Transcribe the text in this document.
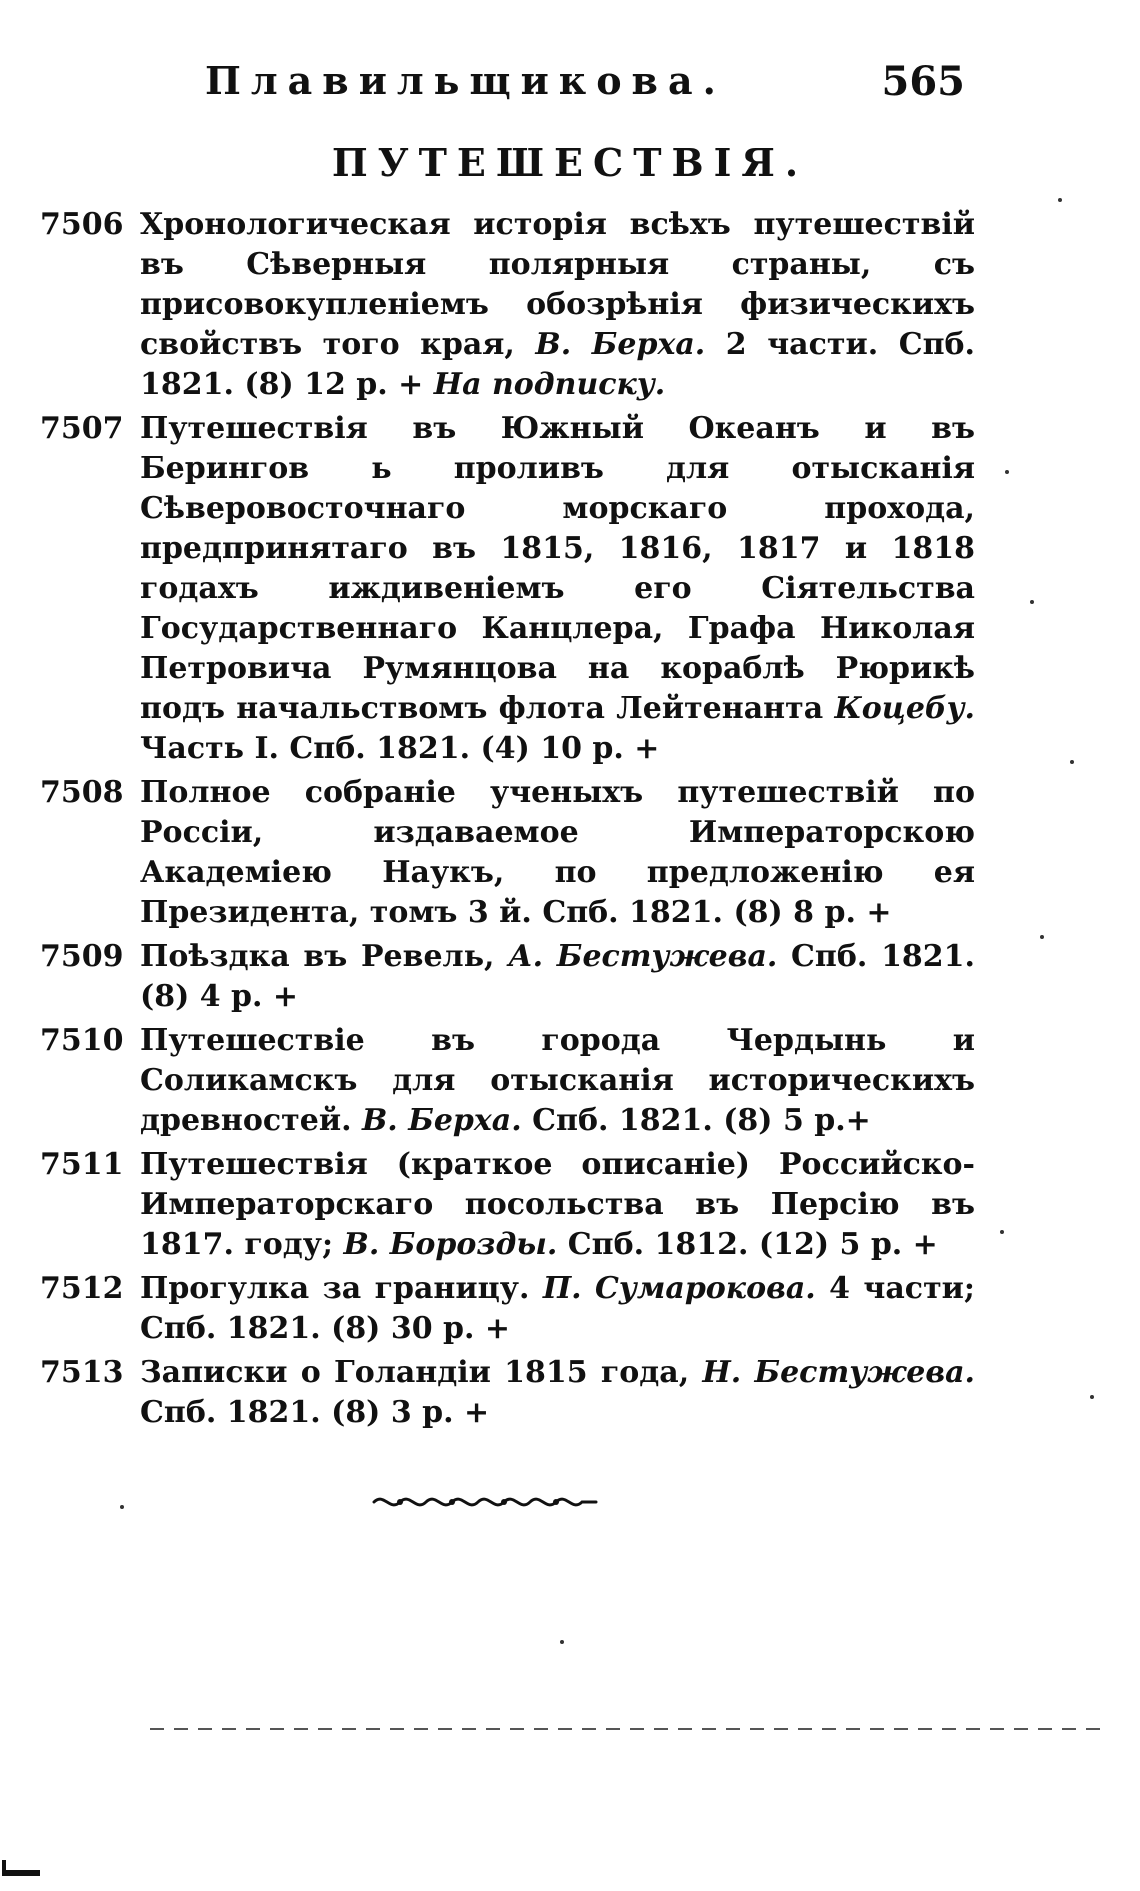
Плавильщикова.	565
ПУТЕШЕСТВІЯ.
7506 Хронологическая исторія всѣхъ путешествій въ Сѣверныя полярныя страны, съ присовокупленіемъ обозрѣнія физическихъ свойствъ того края, В. Берха. 2 части. Спб. 1821. (8) 12 р. + На подписку.
7507 Путешествія въ Южный Океанъ и въ Берингов ь проливъ для отысканія Сѣверовосточнаго морскаго прохода, предпринятаго въ 1815, 1816, 1817 и 1818 годахъ иждивеніемъ его Сіятельства Государственнаго Канцлера, Графа Николая Петровича Румянцова на кораблѣ Рюрикѣ подъ начальствомъ флота Лейтенанта Коцебу. Часть I. Спб. 1821. (4) 10 р. +
7508 Полное собраніе ученыхъ путешествій по Россіи, издаваемое Императорскою Академіею Наукъ, по предложенію ея Президента, томъ 3 й. Спб. 1821. (8) 8 р. +
7509 Поѣздка въ Ревель, А. Бестужева. Спб. 1821. (8) 4 р. +
7510 Путешествіе въ города Чердынь и Соликамскъ для отысканія историческихъ древностей. В. Берха. Спб. 1821. (8) 5 р.+
7511 Путешествія (краткое описаніе) Российско-Императорскаго посольства въ Персію въ 1817. году; В. Борозды. Спб. 1812. (12) 5 р. +
7512 Прогулка за границу. П. Сумарокова. 4 части; Спб. 1821. (8) 30 р. +
7513 Записки о Голандіи 1815 года, Н. Бестужева. Спб. 1821. (8) 3 р. +
